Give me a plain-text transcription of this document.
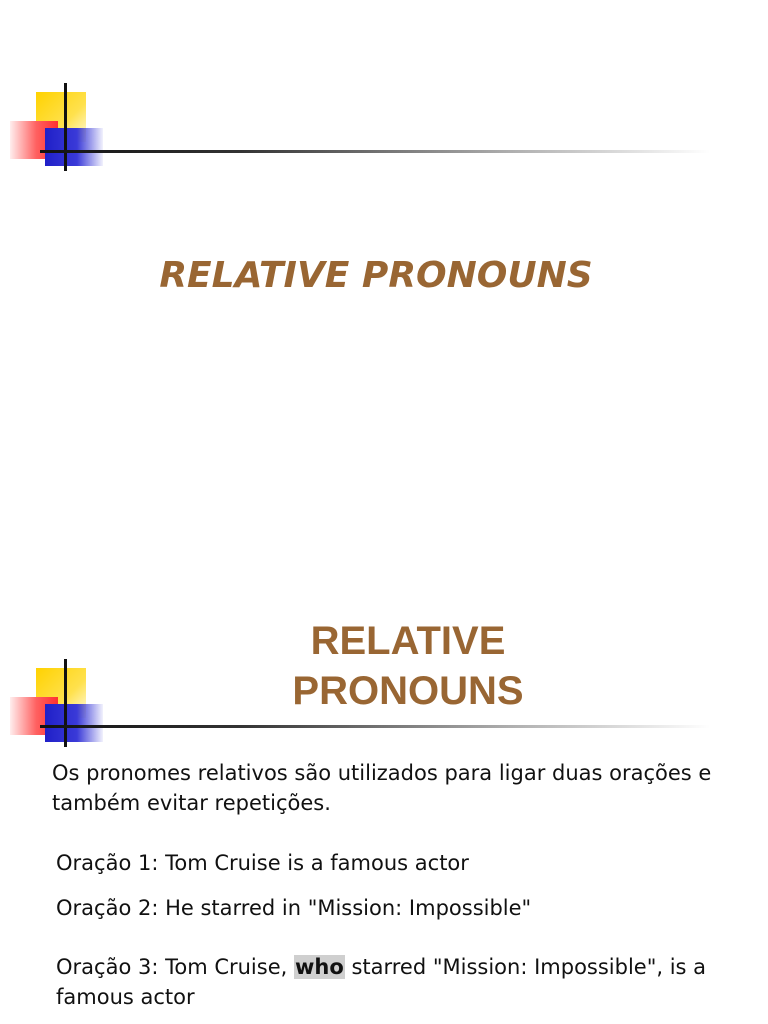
RELATIVE PRONOUNS
RELATIVE
PRONOUNS
Os pronomes relativos são utilizados para ligar duas orações e também evitar repetições.
Oração 1: Tom Cruise is a famous actor
Oração 2: He starred in "Mission: Impossible"
Oração 3: Tom Cruise, who starred "Mission: Impossible", is a famous actor
